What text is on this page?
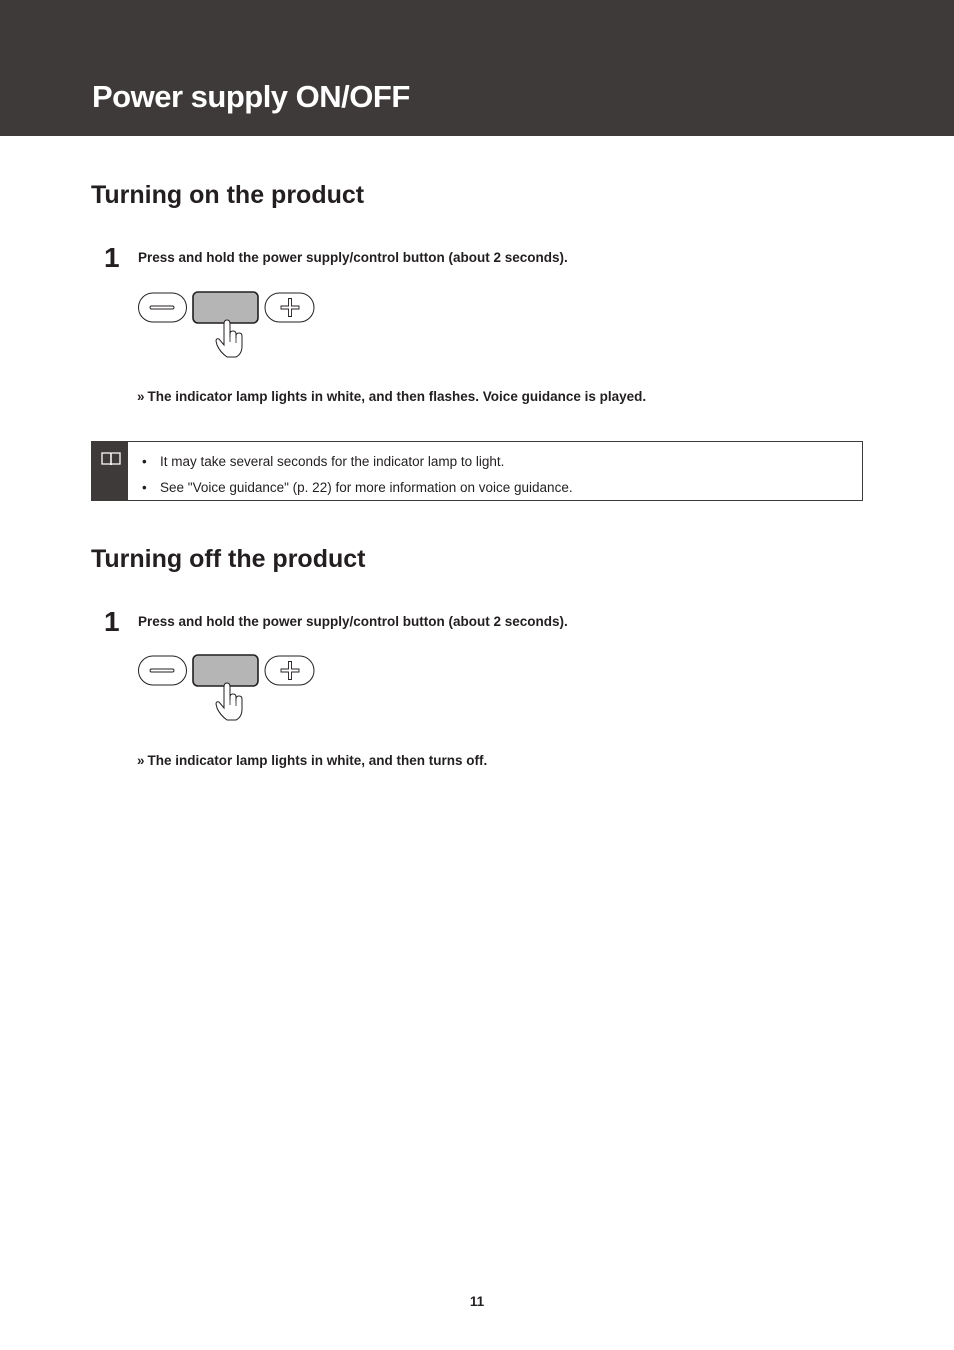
Power supply ON/OFF
Turning on the product
1 Press and hold the power supply/control button (about 2 seconds).
» The indicator lamp lights in white, and then flashes. Voice guidance is played.
• It may take several seconds for the indicator lamp to light.
• See "Voice guidance" (p. 22) for more information on voice guidance.
Turning off the product
1 Press and hold the power supply/control button (about 2 seconds).
» The indicator lamp lights in white, and then turns off.
11
